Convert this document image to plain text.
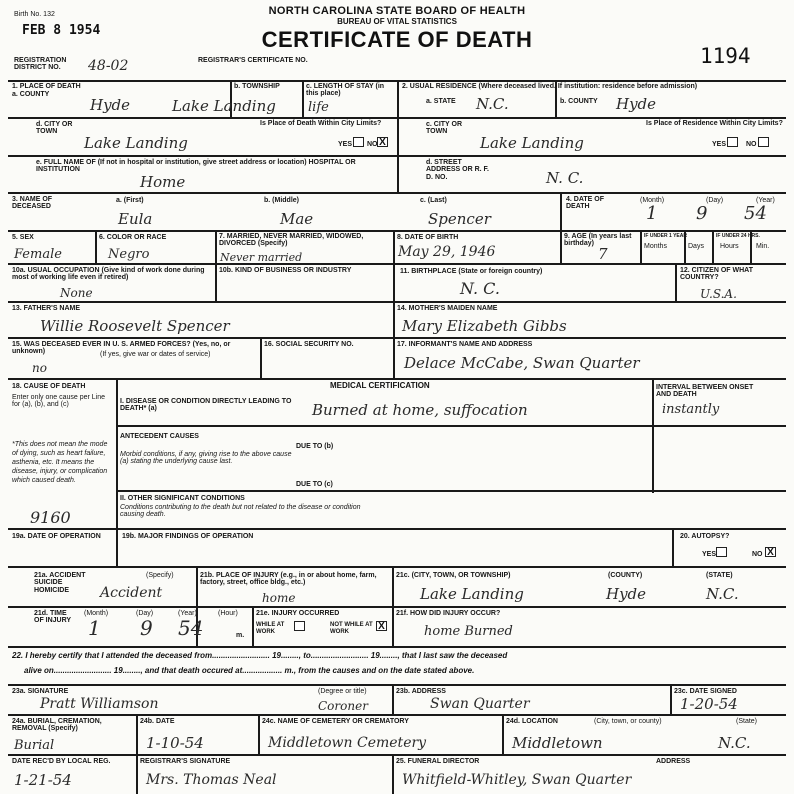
Birth No. 132
FEB 8 1954
NORTH CAROLINA STATE BOARD OF HEALTH
BUREAU OF VITAL STATISTICS
CERTIFICATE OF DEATH
1194
REGISTRATION DISTRICT NO.	48-02	REGISTRAR'S CERTIFICATE NO.
1. PLACE OF DEATH
a. COUNTY
Hyde
b. TOWNSHIP
Lake Landing
c. LENGTH OF STAY (in this place)
life
d. CITY OR TOWN
Lake Landing
Is Place of Death Within City Limits?
YES NO X
e. FULL NAME OF (If not in hospital or institution, give street address or location) HOSPITAL OR INSTITUTION
Home
2. USUAL RESIDENCE (Where deceased lived. If institution: residence before admission)
a. STATE N.C.	b. COUNTY Hyde
c. CITY OR TOWN
Lake Landing
Is Place of Residence Within City Limits?
YES	NO
d. STREET ADDRESS OR R. F. D. NO.	N. C.
3. NAME OF DECEASED
a. (First)
Eula
b. (Middle)
Mae
c. (Last)
Spencer
4. DATE OF DEATH
(Month)	(Day)	(Year)
1 9 54
5. SEX
Female
6. COLOR OR RACE
Negro
7. MARRIED, NEVER MARRIED, WIDOWED, DIVORCED (Specify)
Never married
8. DATE OF BIRTH
May 29, 1946
9. AGE (In years last birthday)
7
IF UNDER 1 YEAR
Months	Days
IF UNDER 24 HRS.
Hours Min.
10a. USUAL OCCUPATION (Give kind of work done during most of working life even if retired)
None
10b. KIND OF BUSINESS OR INDUSTRY	11. BIRTHPLACE (State or foreign country)
N. C.
12. CITIZEN OF WHAT COUNTRY?
U.S.A.
13. FATHER'S NAME
Willie Roosevelt Spencer
14. MOTHER'S MAIDEN NAME
Mary Elizabeth Gibbs
15. WAS DECEASED EVER IN U. S. ARMED FORCES? (Yes, no, or unknown)	(If yes, give war or dates of service)
no
16. SOCIAL SECURITY NO.	17. INFORMANT'S NAME AND ADDRESS
Delace McCabe, Swan Quarter
18. CAUSE OF DEATH
Enter only one cause per Line for (a), (b), and (c)
*This does not mean the mode of dying, such as heart failure, asthenia, etc. It means the disease, injury, or complication which caused death.
9160
MEDICAL CERTIFICATION	INTERVAL BETWEEN ONSET AND DEATH
I. DISEASE OR CONDITION DIRECTLY LEADING TO DEATH* (a)	Burned at home, suffocation	instantly
ANTECEDENT CAUSES
Morbid conditions, if any, giving rise to the above cause (a) stating the underlying cause last.
DUE TO (b)
DUE TO (c)
II. OTHER SIGNIFICANT CONDITIONS
Conditions contributing to the death but not related to the disease or condition causing death.
19a. DATE OF OPERATION	19b. MAJOR FINDINGS OF OPERATION	20. AUTOPSY?
YES	NO X
21a. ACCIDENT SUICIDE HOMICIDE
(Specify)
Accident
21b. PLACE OF INJURY (e.g., in or about home, farm, factory, street, office bldg., etc.)
home
21c. (CITY, TOWN, OR TOWNSHIP)	(COUNTY)	(STATE)
Lake Landing	Hyde	N.C.
21d. TIME OF INJURY
(Month)	(Day)	(Year)	(Hour)
1 9 54	m.
21e. INJURY OCCURRED
WHILE AT WORK
NOT WHILE AT WORK
X
21f. HOW DID INJURY OCCUR?
home Burned
22. I hereby certify that I attended the deceased from.......................... 19........, to.......................... 19........, that I last saw the deceased
alive on.......................... 19........, and that death occured at.................. m., from the causes and on the date stated above.
23a. SIGNATURE	(Degree or title)
Pratt Williamson	Coroner
23b. ADDRESS
Swan Quarter
23c. DATE SIGNED
1-20-54
24a. BURIAL, CREMATION, REMOVAL (Specify)
Burial
24b. DATE
1-10-54
24c. NAME OF CEMETERY OR CREMATORY
Middletown Cemetery
24d. LOCATION	(City, town, or county)	(State)
Middletown	N.C.
DATE REC'D BY LOCAL REG.
1-21-54
REGISTRAR'S SIGNATURE
Mrs. Thomas Neal
25. FUNERAL DIRECTOR	ADDRESS
Whitfield-Whitley, Swan Quarter
